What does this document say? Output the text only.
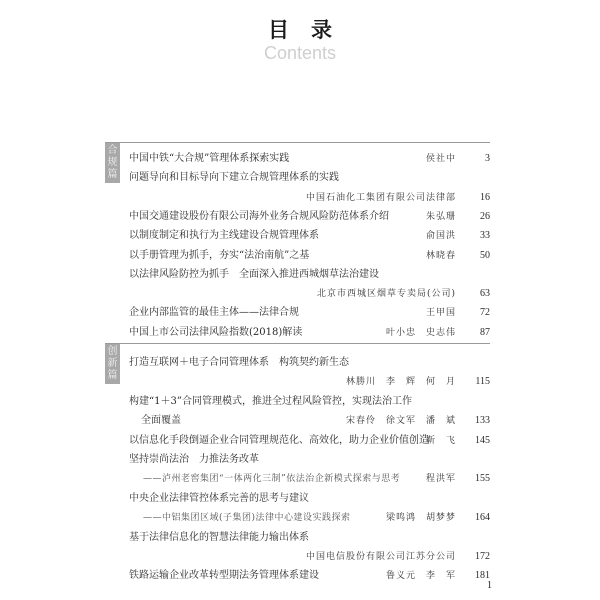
目录
Contents
合
规
篇
中国中铁“大合规”管理体系探索实践	侯社中	3
问题导向和目标导向下建立合规管理体系的实践
中国石油化工集团有限公司法律部 16
中国交通建设股份有限公司海外业务合规风险防范体系介绍	朱弘珊 26
以制度制定和执行为主线建设合规管理体系	俞国洪 33
以手册管理为抓手，夯实“法治南航”之基	林晓春 50
以法律风险防控为抓手　全面深入推进西城烟草法治建设
北京市西城区烟草专卖局(公司) 63
企业内部监管的最佳主体——法律合规	王甲国 72
中国上市公司法律风险指数(2018)解读	叶小忠　史志伟 87
创
新
篇
打造互联网＋电子合同管理体系　构筑契约新生态
林勝川　李　辉　何　月 115
构建“1＋3”合同管理模式，推进全过程风险管控，实现法治工作
全面覆盖	宋春伶　徐文军　潘　斌 133
以信息化手段倒逼企业合同管理规范化、高效化，助力企业价值创造
靳　飞 145
坚持崇尚法治　力推法务改革
——泸州老窖集团“一体两化三制”依法治企新模式探索与思考	程洪军 155
中央企业法律管控体系完善的思考与建议
——中铝集团区域(子集团)法律中心建设实践探索	梁鸣鸿　胡梦梦 164
基于法律信息化的智慧法律能力输出体系
中国电信股份有限公司江苏分公司 172
铁路运输企业改革转型期法务管理体系建设	鲁义元　李　军 181
1
